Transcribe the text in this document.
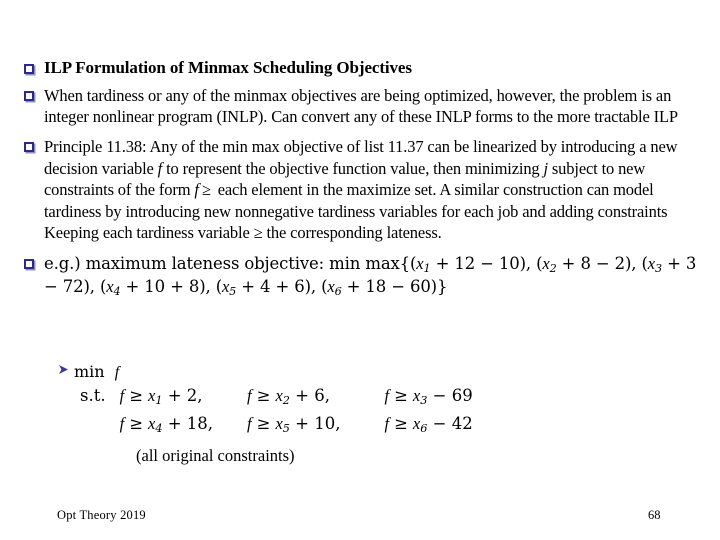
ILP Formulation of Minmax Scheduling Objectives
When tardiness or any of the minmax objectives are being optimized, however, the problem is an integer nonlinear program (INLP). Can convert any of these INLP forms to the more tractable ILP
Principle 11.38: Any of the min max objective of list 11.37 can be linearized by introducing a new decision variable f to represent the objective function value, then minimizing j subject to new constraints of the form f ≥ each element in the maximize set. A similar construction can model tardiness by introducing new nonnegative tardiness variables for each job and adding constraints Keeping each tardiness variable ≥ the corresponding lateness.
e.g.) maximum lateness objective: $\min \max\{(x_1 + 12 - 10)$, $(x_2 + 8 - 2)$, $(x_3 + 3 - 72)$, $(x_4 + 10 + 8)$, $(x_5 + 4 + 6)$, $(x_6 + 18 - 60)$}
min f
s.t.	$f \ge x_1 + 2$,	$f \ge x_2 + 6$,	$f \ge x_3 - 69$
	$f \ge x_4 + 18$,	$f \ge x_5 + 10$,	$f \ge x_6 - 42$
(all original constraints)
Opt Theory 2019	68
